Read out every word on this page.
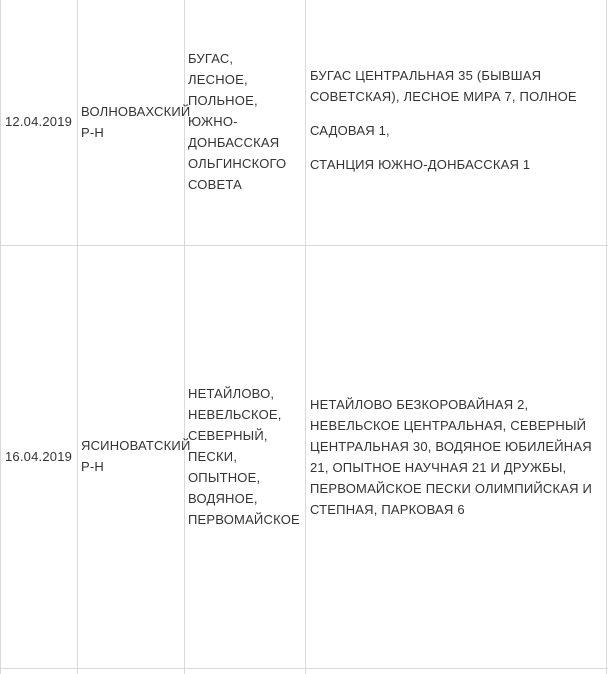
12.04.2019
ВОЛНОВАХСКИЙ
Р-Н
БУГАС,
ЛЕСНОЕ,
ПОЛЬНОЕ,
ЮЖНО-
ДОНБАССКАЯ
ОЛЬГИНСКОГО
СОВЕТА

БУГАС ЦЕНТРАЛЬНАЯ 35 (БЫВШАЯ СОВЕТСКАЯ), ЛЕСНОЕ МИРА 7, ПОЛНОЕ

САДОВАЯ 1,

СТАНЦИЯ ЮЖНО-ДОНБАССКАЯ 1

16.04.2019
ЯСИНОВАТСКИЙ
Р-Н
НЕТАЙЛОВО,
НЕВЕЛЬСКОЕ,
СЕВЕРНЫЙ,
ПЕСКИ,
ОПЫТНОЕ,
ВОДЯНОЕ,
ПЕРВОМАЙСКОЕ

НЕТАЙЛОВО БЕЗКОРОВАЙНАЯ 2, НЕВЕЛЬСКОЕ ЦЕНТРАЛЬНАЯ, СЕВЕРНЫЙ ЦЕНТРАЛЬНАЯ 30, ВОДЯНОЕ ЮБИЛЕЙНАЯ 21, ОПЫТНОЕ НАУЧНАЯ 21 И ДРУЖБЫ, ПЕРВОМАЙСКОЕ ПЕСКИ ОЛИМПИЙСКАЯ И СТЕПНАЯ, ПАРКОВАЯ 6
